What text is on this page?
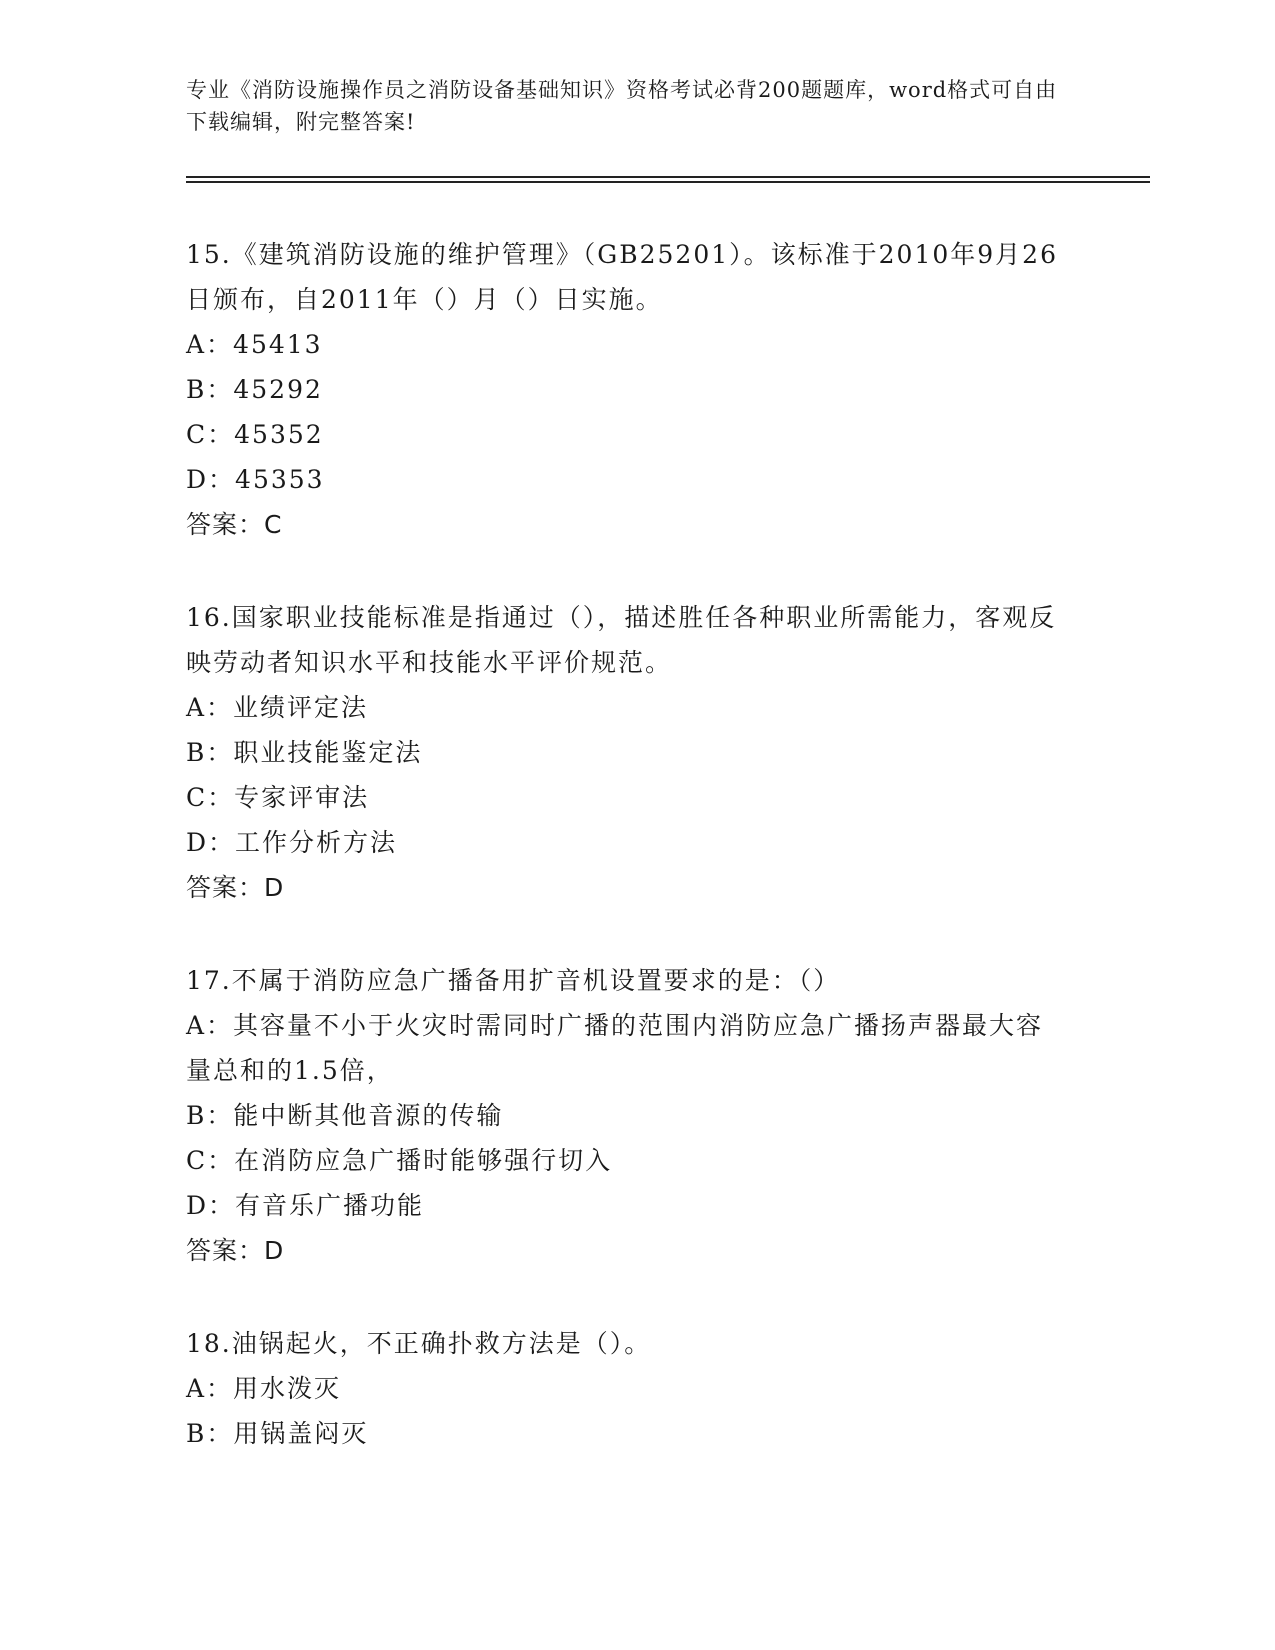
专业《消防设施操作员之消防设备基础知识》资格考试必背200题题库，word格式可自由下载编辑，附完整答案!

15.《建筑消防设施的维护管理》（GB25201）。该标准于2010年9月26日颁布，自2011年（）月（）日实施。

A：45413

B：45292

C：45352

D：45353

答案：C

16.国家职业技能标准是指通过（），描述胜任各种职业所需能力，客观反映劳动者知识水平和技能水平评价规范。

A：业绩评定法

B：职业技能鉴定法

C：专家评审法

D：工作分析方法

答案：D

17.不属于消防应急广播备用扩音机设置要求的是：（）

A：其容量不小于火灾时需同时广播的范围内消防应急广播扬声器最大容量总和的1.5倍，

B：能中断其他音源的传输

C：在消防应急广播时能够强行切入

D：有音乐广播功能

答案：D

18.油锅起火，不正确扑救方法是（）。

A：用水泼灭

B：用锅盖闷灭
